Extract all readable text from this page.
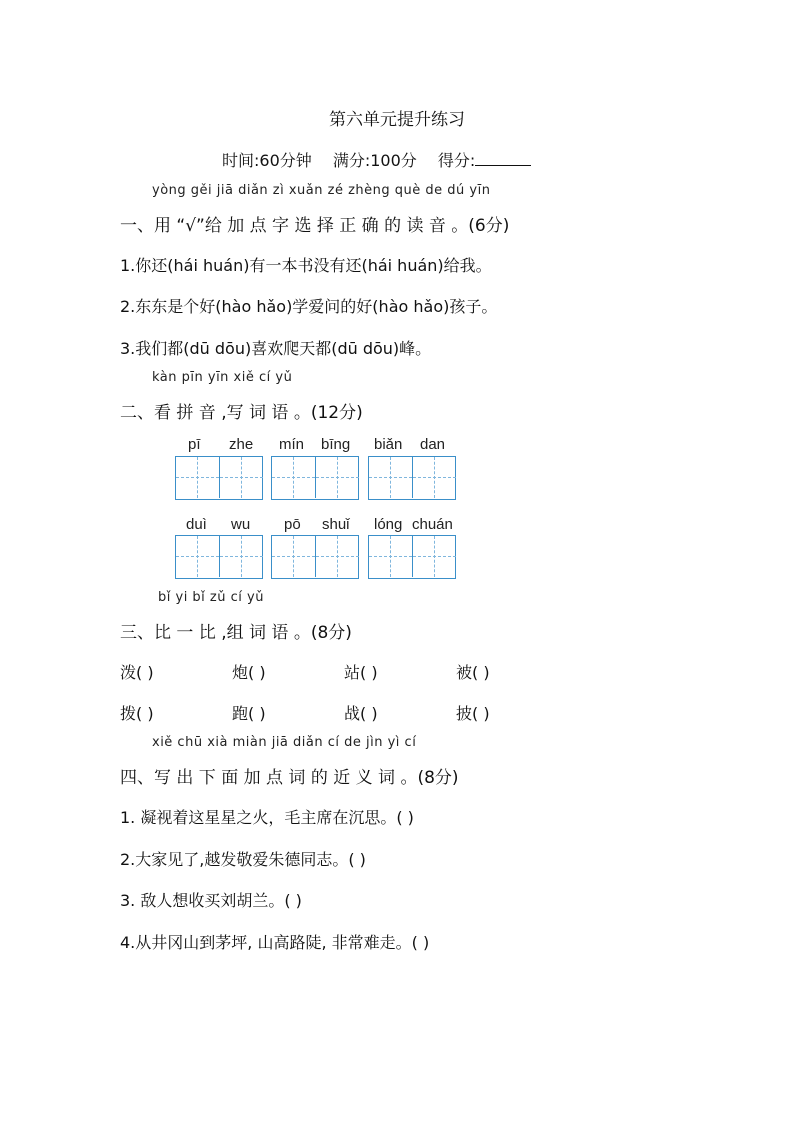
第六单元提升练习
时间:60分钟 满分:100分 得分:
yòng gěi jiā diǎn zì xuǎn zé zhèng què de dú yīn
一、用 “√”给 加 点 字 选 择 正 确 的 读 音 。(6分)
1.你还(hái huán)有一本书没有还(hái huán)给我。
2.东东是个好(hào hǎo)学爱问的好(hào hǎo)孩子。
3.我们都(dū dōu)喜欢爬天都(dū dōu)峰。
kàn pīn yīn xiě cí yǔ
二、看 拼 音 ,写 词 语 。(12分)
pī zhe mín bīng biǎn dan
duì wu pō shuǐ lóng chuán
bǐ yi bǐ zǔ cí yǔ
三、比 一 比 ,组 词 语 。(8分)
泼( )	炮( )	站( )	被( )
拨( )	跑( )	战( )	披( )
xiě chū xià miàn jiā diǎn cí de jìn yì cí
四、写 出 下 面 加 点 词 的 近 义 词 。(8分)
1. 凝视着这星星之火，毛主席在沉思。( )
2.大家见了,越发敬爱朱德同志。( )
3. 敌人想收买刘胡兰。( )
4.从井冈山到茅坪, 山高路陡, 非常难走。( )
